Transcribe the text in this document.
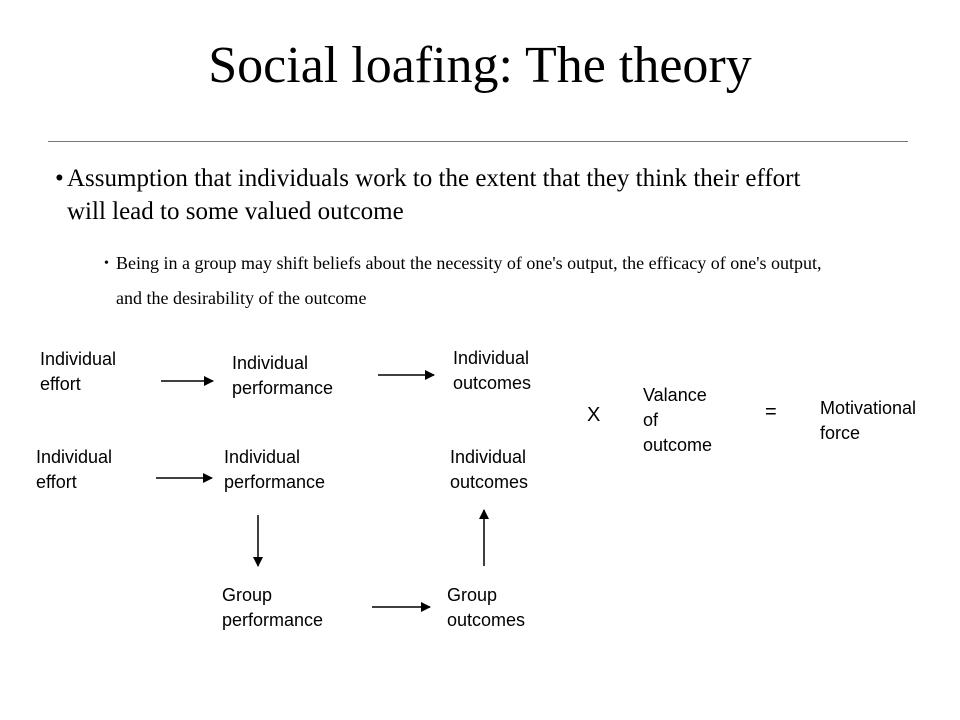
Social loafing: The theory
• Assumption that individuals work to the extent that they think their effort will lead to some valued outcome
• Being in a group may shift beliefs about the necessity of one's output, the efficacy of one's output, and the desirability of the outcome
Individual
effort
Individual
performance
Individual
outcomes
X
Valance
of
outcome
= Motivational
force
Individual
effort
Individual
performance
Individual
outcomes
Group
performance
Group
outcomes
